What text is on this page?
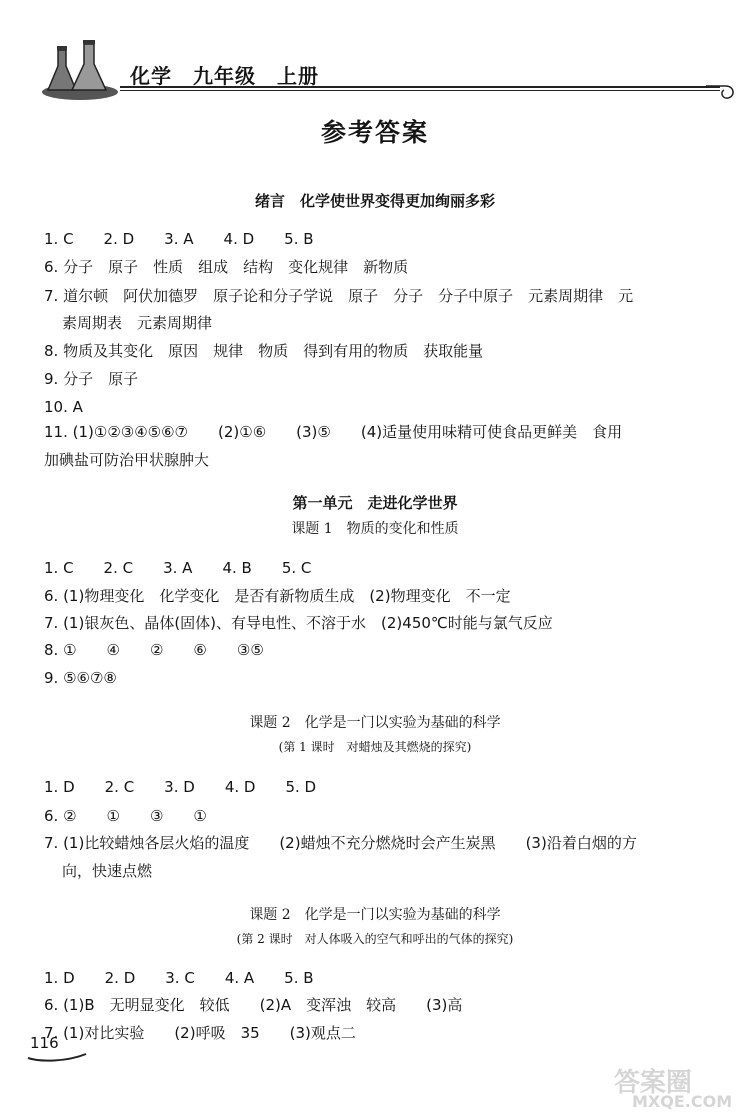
化学　九年级　上册
参考答案
绪言　化学使世界变得更加绚丽多彩
1. C　　2. D　　3. A　　4. D　　5. B
6. 分子　原子　性质　组成　结构　变化规律　新物质
7. 道尔顿　阿伏加德罗　原子论和分子学说　原子　分子　分子中原子　元素周期律　元
素周期表　元素周期律
8. 物质及其变化　原因　规律　物质　得到有用的物质　获取能量
9. 分子　原子
10. A
11. (1)①②③④⑤⑥⑦　　(2)①⑥　　(3)⑤　　(4)适量使用味精可使食品更鲜美　食用
加碘盐可防治甲状腺肿大
第一单元　走进化学世界
课题 1　物质的变化和性质
1. C　　2. C　　3. A　　4. B　　5. C
6. (1)物理变化　化学变化　是否有新物质生成　(2)物理变化　不一定
7. (1)银灰色、晶体(固体)、有导电性、不溶于水　(2)450℃时能与氯气反应
8. ①　　④　　②　　⑥　　③⑤
9. ⑤⑥⑦⑧
课题 2　化学是一门以实验为基础的科学
(第 1 课时　对蜡烛及其燃烧的探究)
1. D　　2. C　　3. D　　4. D　　5. D
6. ②　　①　　③　　①
7. (1)比较蜡烛各层火焰的温度　　(2)蜡烛不充分燃烧时会产生炭黑　　(3)沿着白烟的方
向，快速点燃
课题 2　化学是一门以实验为基础的科学
(第 2 课时　对人体吸入的空气和呼出的气体的探究)
1. D　　2. D　　3. C　　4. A　　5. B
6. (1)B　无明显变化　较低　　(2)A　变浑浊　较高　　(3)高
7. (1)对比实验　　(2)呼吸　35　　(3)观点二
116
答案圈
MXQE.COM
